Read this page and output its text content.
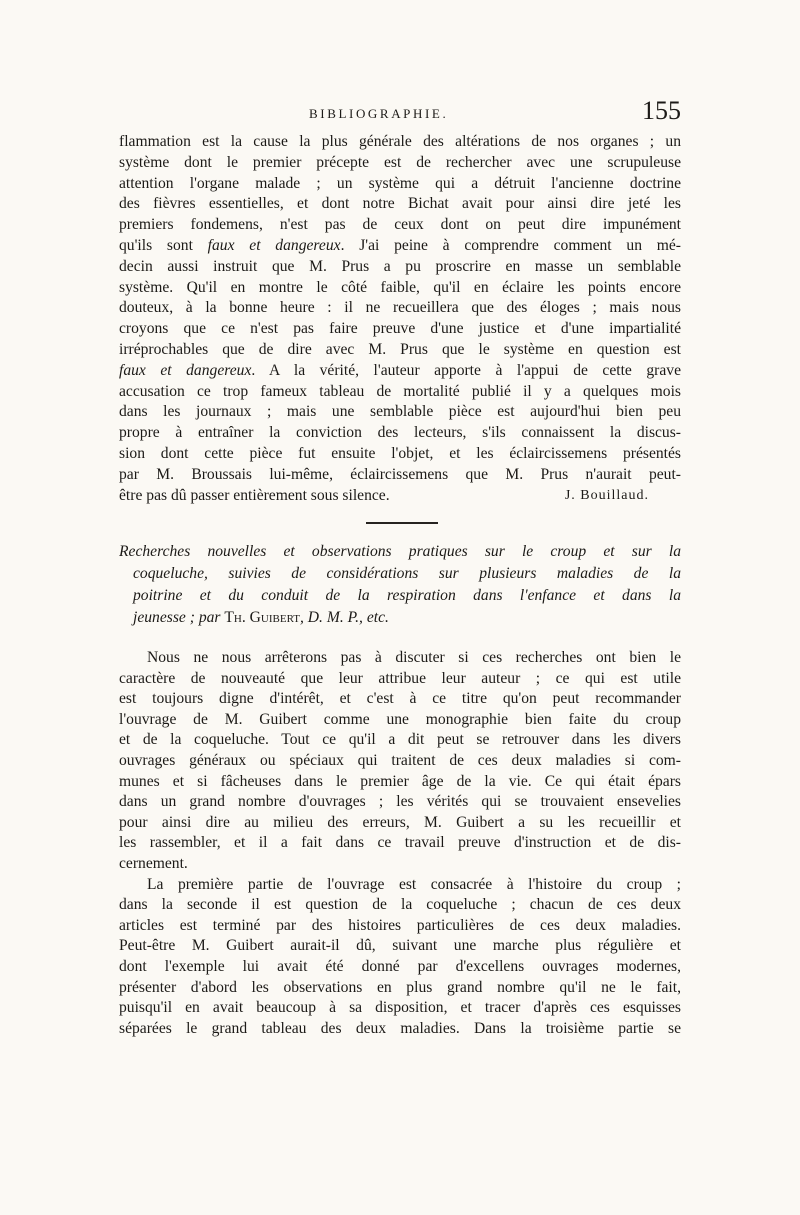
BIBLIOGRAPHIE.	155
flammation est la cause la plus générale des altérations de nos organes ; un
système dont le premier précepte est de rechercher avec une scrupuleuse
attention l'organe malade ; un système qui a détruit l'ancienne doctrine
des fièvres essentielles, et dont notre Bichat avait pour ainsi dire jeté les
premiers fondemens, n'est pas de ceux dont on peut dire impunément
qu'ils sont faux et dangereux. J'ai peine à comprendre comment un mé-
decin aussi instruit que M. Prus a pu proscrire en masse un semblable
système. Qu'il en montre le côté faible, qu'il en éclaire les points encore
douteux, à la bonne heure : il ne recueillera que des éloges ; mais nous
croyons que ce n'est pas faire preuve d'une justice et d'une impartialité
irréprochables que de dire avec M. Prus que le système en question est
faux et dangereux. A la vérité, l'auteur apporte à l'appui de cette grave
accusation ce trop fameux tableau de mortalité publié il y a quelques mois
dans les journaux ; mais une semblable pièce est aujourd'hui bien peu
propre à entraîner la conviction des lecteurs, s'ils connaissent la discus-
sion dont cette pièce fut ensuite l'objet, et les éclaircissemens présentés
par M. Broussais lui-même, éclaircissemens que M. Prus n'aurait peut-
être pas dû passer entièrement sous silence.	J. Bouillaud.
Recherches nouvelles et observations pratiques sur le croup et sur la
coqueluche, suivies de considérations sur plusieurs maladies de la
poitrine et du conduit de la respiration dans l'enfance et dans la
jeunesse ; par Th. Guibert, D. M. P., etc.
Nous ne nous arrêterons pas à discuter si ces recherches ont bien le
caractère de nouveauté que leur attribue leur auteur ; ce qui est utile
est toujours digne d'intérêt, et c'est à ce titre qu'on peut recommander
l'ouvrage de M. Guibert comme une monographie bien faite du croup
et de la coqueluche. Tout ce qu'il a dit peut se retrouver dans les divers
ouvrages généraux ou spéciaux qui traitent de ces deux maladies si com-
munes et si fâcheuses dans le premier âge de la vie. Ce qui était épars
dans un grand nombre d'ouvrages ; les vérités qui se trouvaient ensevelies
pour ainsi dire au milieu des erreurs, M. Guibert a su les recueillir et
les rassembler, et il a fait dans ce travail preuve d'instruction et de dis-
cernement.
La première partie de l'ouvrage est consacrée à l'histoire du croup ;
dans la seconde il est question de la coqueluche ; chacun de ces deux
articles est terminé par des histoires particulières de ces deux maladies.
Peut-être M. Guibert aurait-il dû, suivant une marche plus régulière et
dont l'exemple lui avait été donné par d'excellens ouvrages modernes,
présenter d'abord les observations en plus grand nombre qu'il ne le fait,
puisqu'il en avait beaucoup à sa disposition, et tracer d'après ces esquisses
séparées le grand tableau des deux maladies. Dans la troisième partie se
